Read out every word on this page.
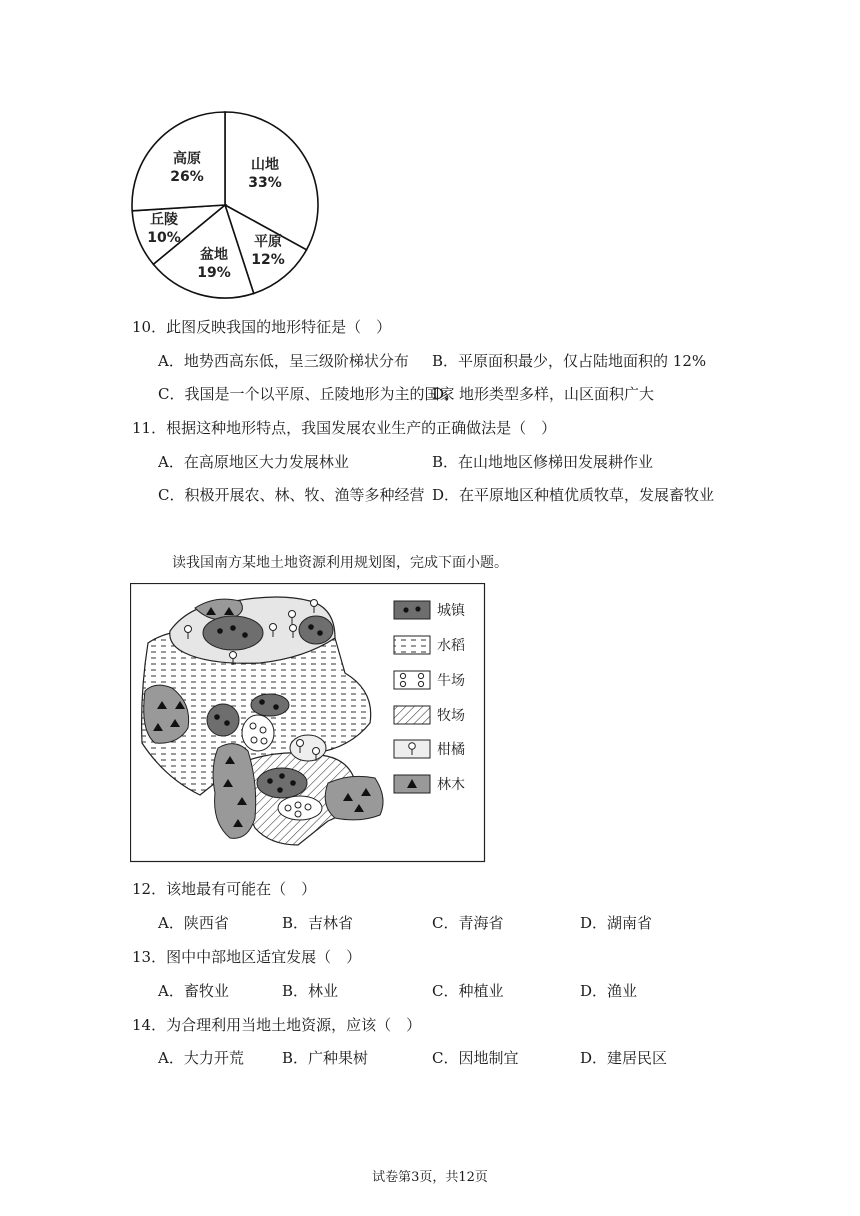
山地
33%
平原
12%
盆地
19%
丘陵
10%
高原
26%
10．此图反映我国的地形特征是（　）
A．地势西高东低，呈三级阶梯状分布 B．平原面积最少，仅占陆地面积的 12%
C．我国是一个以平原、丘陵地形为主的国家
D．地形类型多样，山区面积广大
11．根据这种地形特点，我国发展农业生产的正确做法是（　）
A．在高原地区大力发展林业	B．在山地地区修梯田发展耕作业
C．积极开展农、林、牧、渔等多种经营 D．在平原地区种植优质牧草，发展畜牧业
读我国南方某地土地资源利用规划图，完成下面小题。
城镇
水稻
牛场
牧场
柑橘
林木
12．该地最有可能在（　）
A．陕西省	B．吉林省	C．青海省	D．湖南省
13．图中中部地区适宜发展（　）
A．畜牧业	B．林业	C．种植业	D．渔业
14．为合理利用当地土地资源，应该（　）
A．大力开荒	B．广种果树	C．因地制宜	D．建居民区
试卷第3页，共12页
